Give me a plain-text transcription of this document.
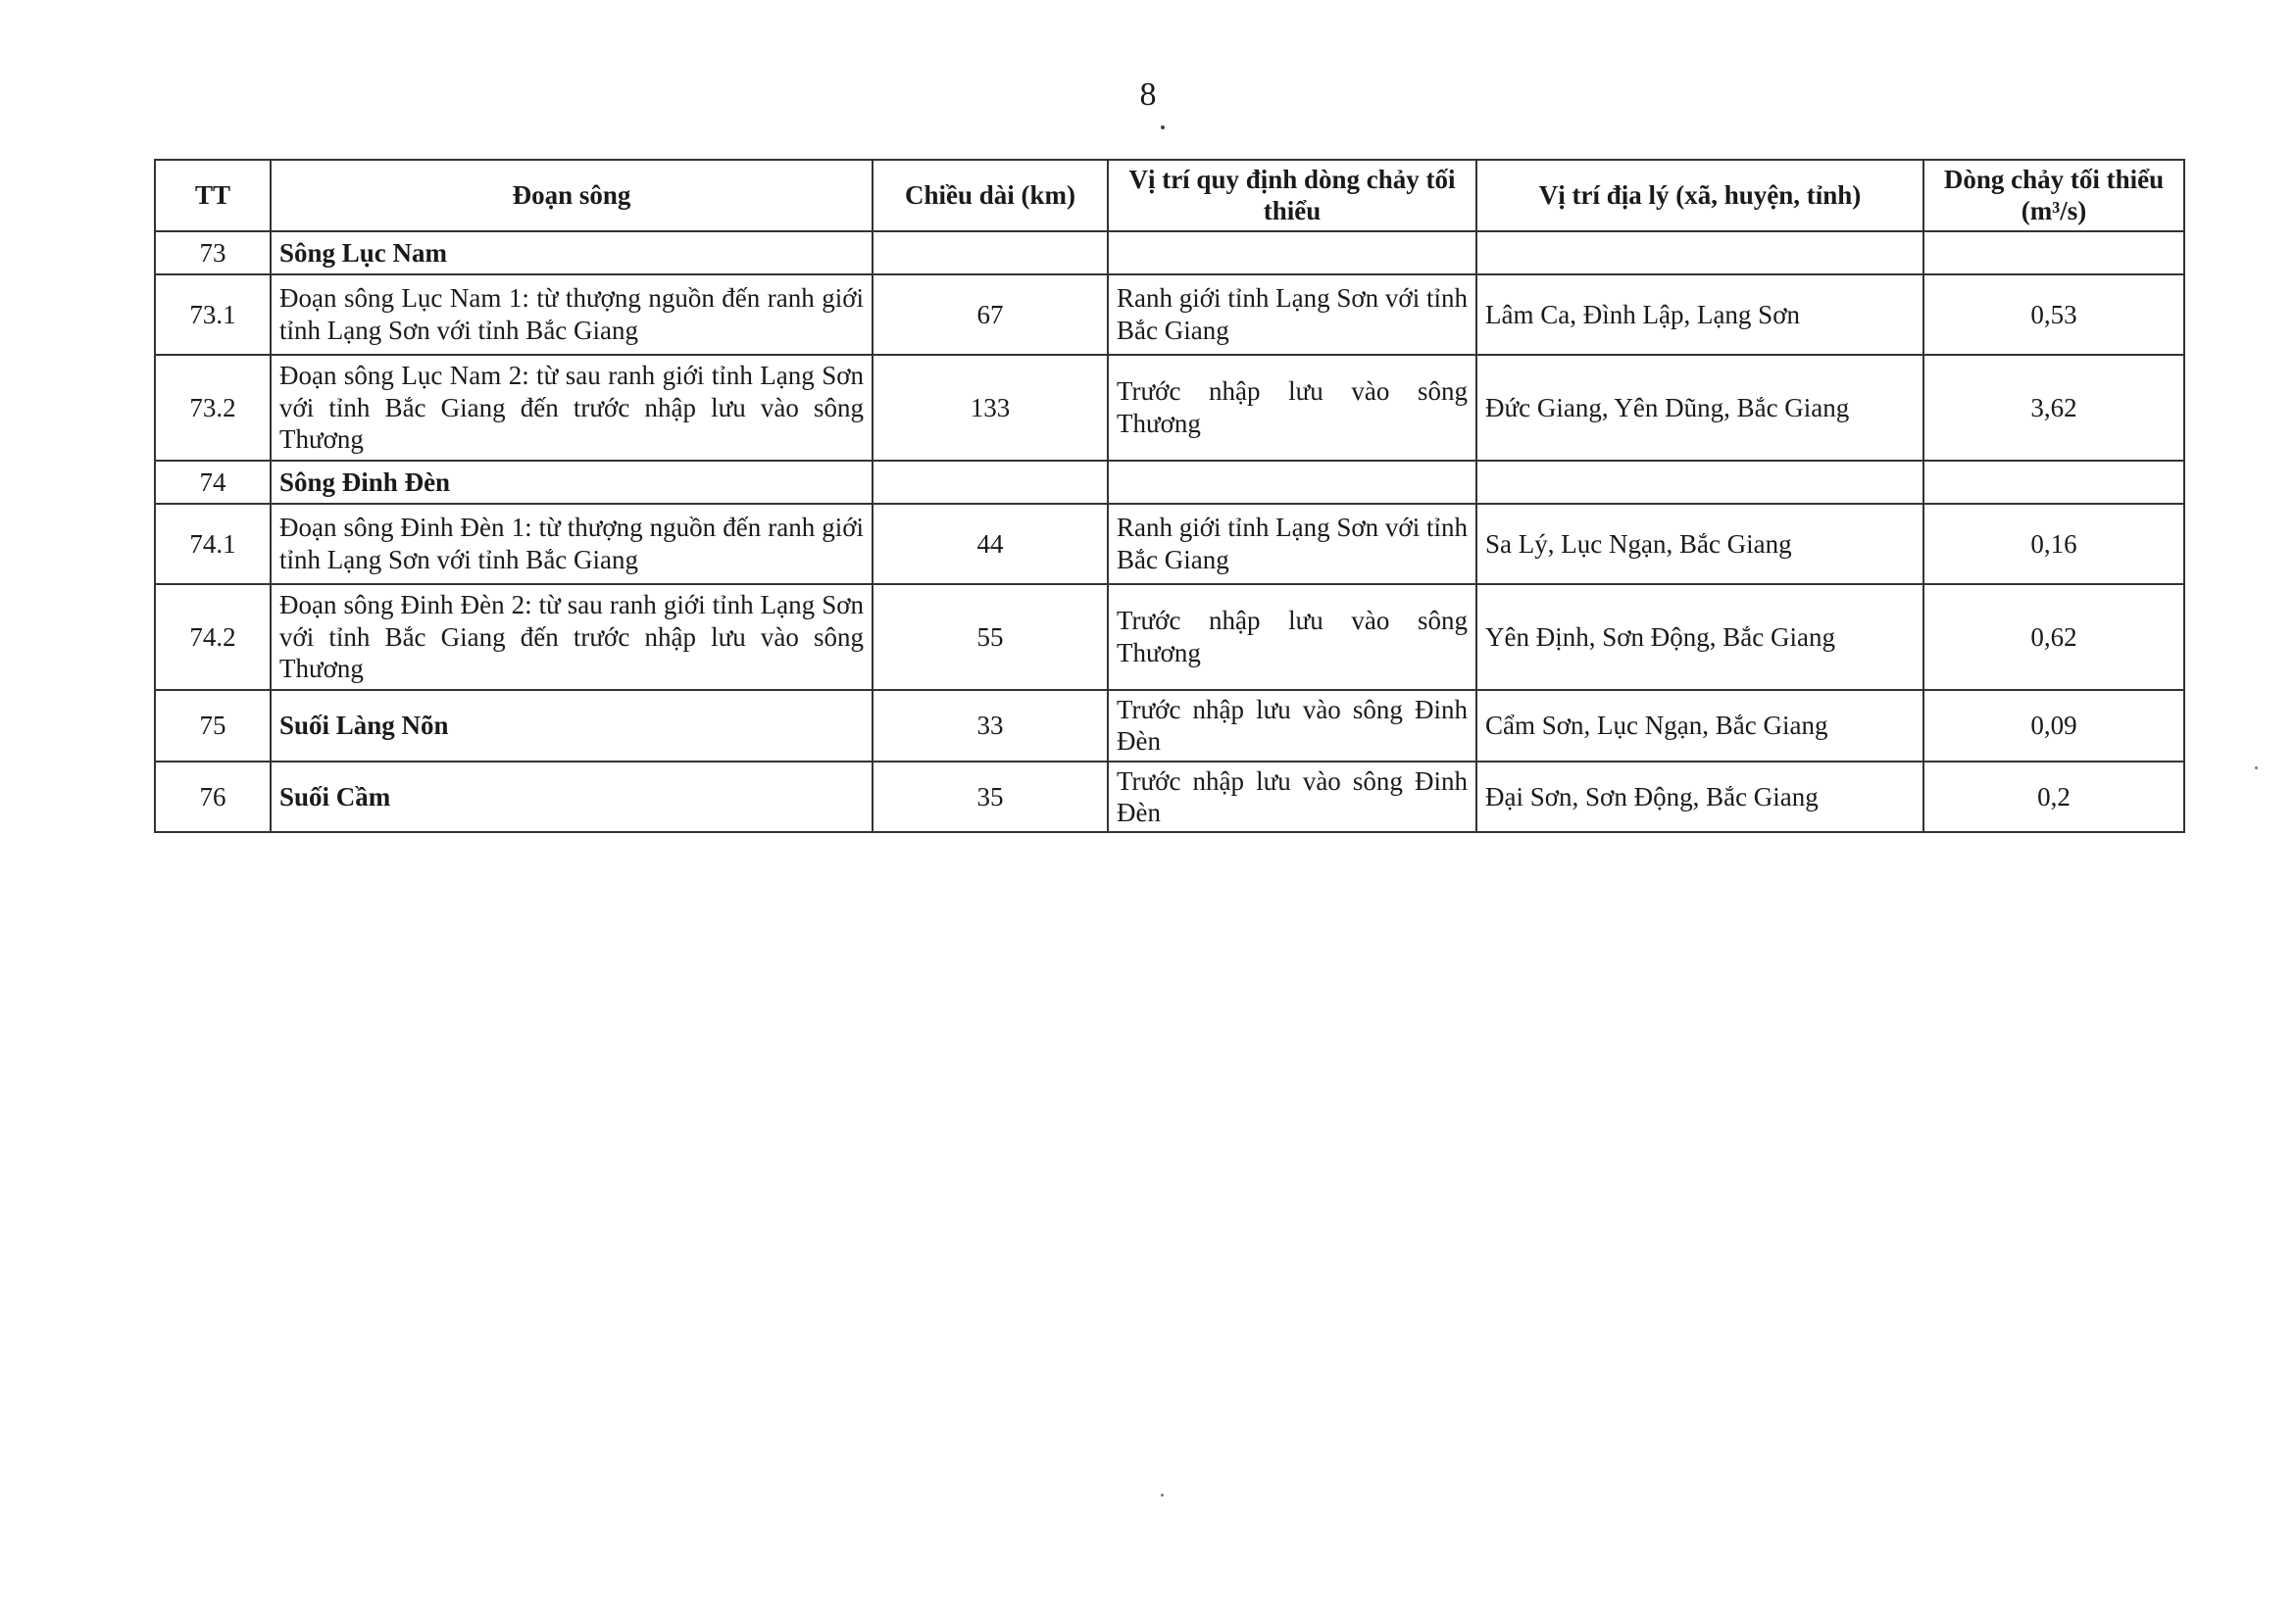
8
TT	Đoạn sông	Chiều dài (km)	Vị trí quy định dòng chảy tối thiểu	Vị trí địa lý (xã, huyện, tỉnh)	Dòng chảy tối thiểu (m³/s)
73	Sông Lục Nam				
73.1	Đoạn sông Lục Nam 1: từ thượng nguồn đến ranh giới tỉnh Lạng Sơn với tỉnh Bắc Giang	67	Ranh giới tỉnh Lạng Sơn với tỉnh Bắc Giang	Lâm Ca, Đình Lập, Lạng Sơn	0,53
73.2	Đoạn sông Lục Nam 2: từ sau ranh giới tỉnh Lạng Sơn với tỉnh Bắc Giang đến trước nhập lưu vào sông Thương	133	Trước nhập lưu vào sông Thương	Đức Giang, Yên Dũng, Bắc Giang	3,62
74	Sông Đinh Đèn				
74.1	Đoạn sông Đinh Đèn 1: từ thượng nguồn đến ranh giới tỉnh Lạng Sơn với tỉnh Bắc Giang	44	Ranh giới tỉnh Lạng Sơn với tỉnh Bắc Giang	Sa Lý, Lục Ngạn, Bắc Giang	0,16
74.2	Đoạn sông Đinh Đèn 2: từ sau ranh giới tỉnh Lạng Sơn với tỉnh Bắc Giang đến trước nhập lưu vào sông Thương	55	Trước nhập lưu vào sông Thương	Yên Định, Sơn Động, Bắc Giang	0,62
75	Suối Làng Nõn	33	Trước nhập lưu vào sông Đinh Đèn	Cẩm Sơn, Lục Ngạn, Bắc Giang	0,09
76	Suối Cầm	35	Trước nhập lưu vào sông Đinh Đèn	Đại Sơn, Sơn Động, Bắc Giang	0,2
